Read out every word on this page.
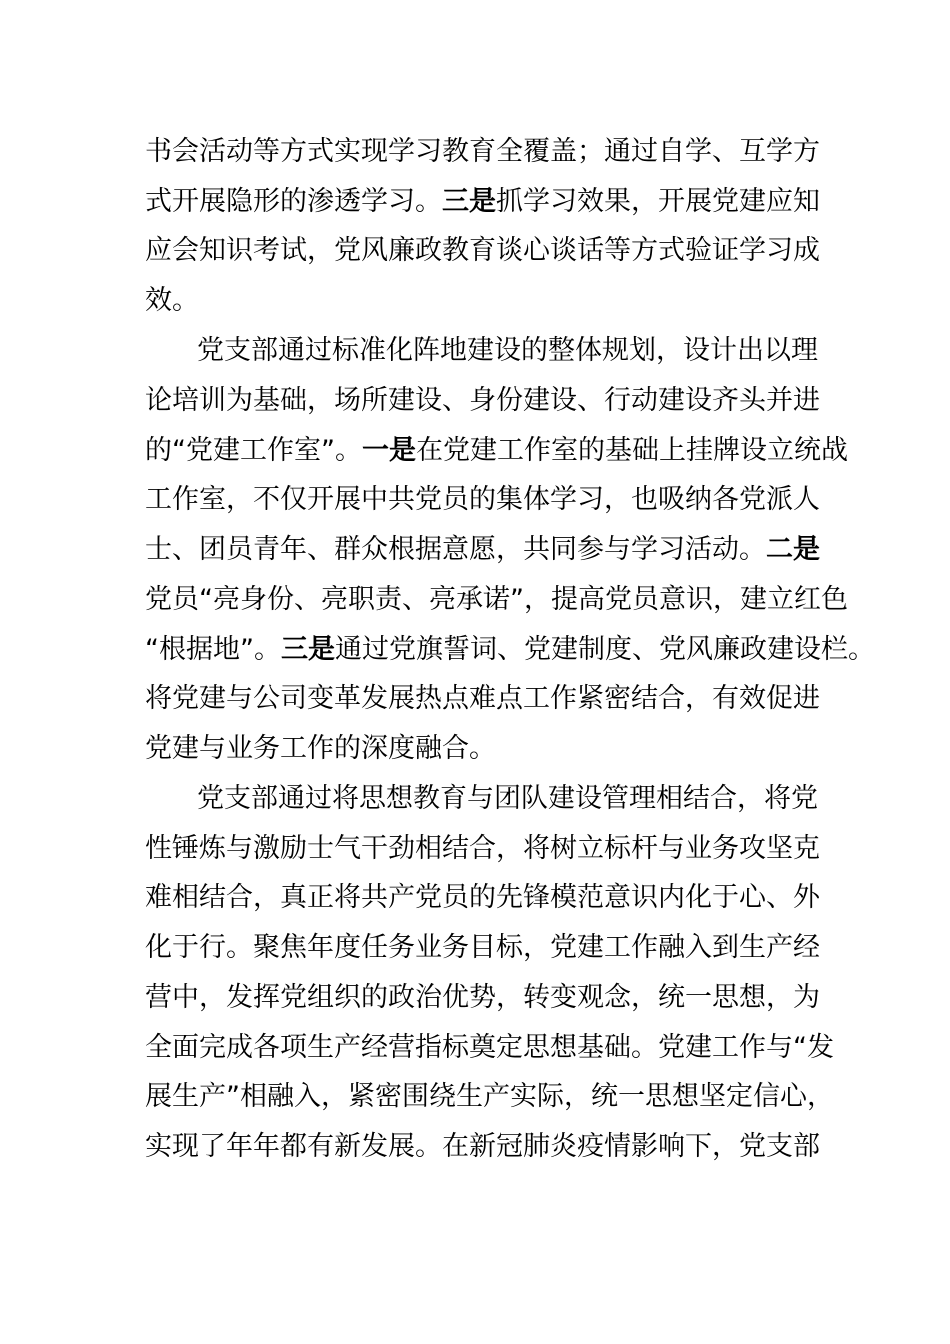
书会活动等方式实现学习教育全覆盖；通过自学、互学方
式开展隐形的渗透学习。三是抓学习效果，开展党建应知
应会知识考试，党风廉政教育谈心谈话等方式验证学习成
效。
党支部通过标准化阵地建设的整体规划，设计出以理
论培训为基础，场所建设、身份建设、行动建设齐头并进
的“党建工作室”。一是在党建工作室的基础上挂牌设立统战
工作室，不仅开展中共党员的集体学习，也吸纳各党派人
士、团员青年、群众根据意愿，共同参与学习活动。二是
党员“亮身份、亮职责、亮承诺”，提高党员意识，建立红色
“根据地”。三是通过党旗誓词、党建制度、党风廉政建设栏。
将党建与公司变革发展热点难点工作紧密结合，有效促进
党建与业务工作的深度融合。
党支部通过将思想教育与团队建设管理相结合，将党
性锤炼与激励士气干劲相结合，将树立标杆与业务攻坚克
难相结合，真正将共产党员的先锋模范意识内化于心、外
化于行。聚焦年度任务业务目标，党建工作融入到生产经
营中，发挥党组织的政治优势，转变观念，统一思想，为
全面完成各项生产经营指标奠定思想基础。党建工作与“发
展生产”相融入，紧密围绕生产实际，统一思想坚定信心，
实现了年年都有新发展。在新冠肺炎疫情影响下，党支部
